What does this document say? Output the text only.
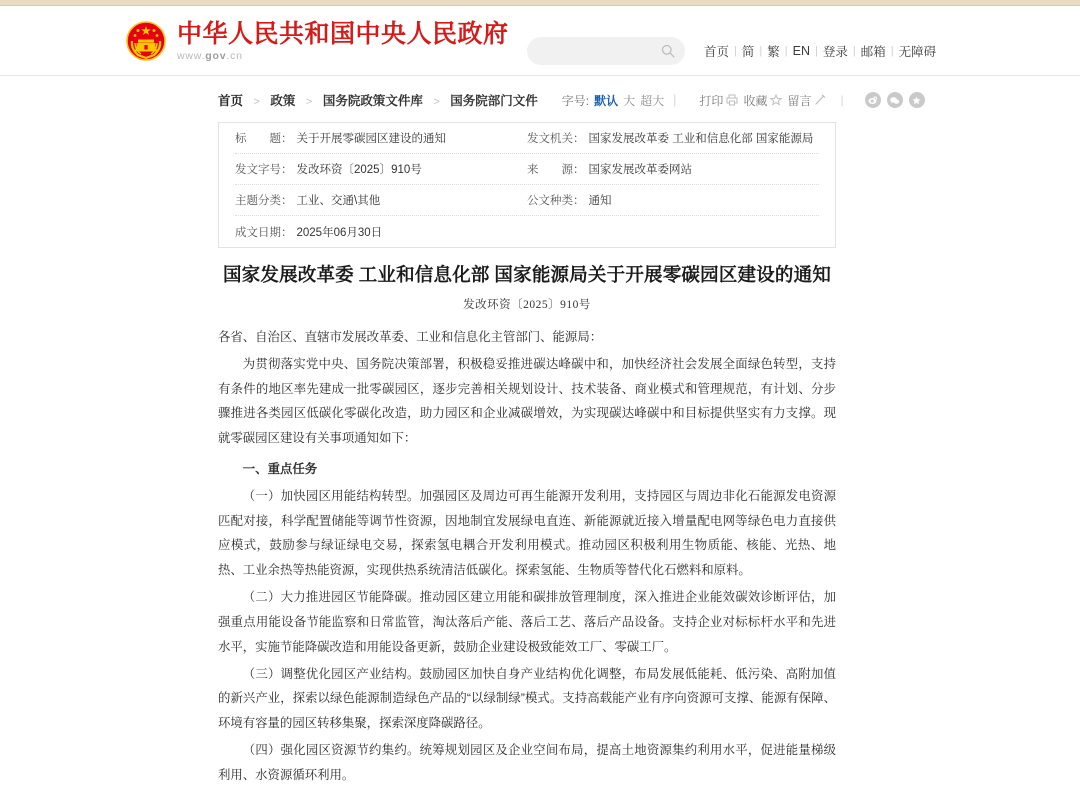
中华人民共和国中央人民政府
www.gov.cn	首页 | 简 | 繁 | EN | 登录 | 邮箱 | 无障碍
首页 > 政策 > 国务院政策文件库 > 国务院部门文件 字号: 默认 大 超大 | 打印 收藏 留言 |
标　　题： 关于开展零碳园区建设的通知	发文机关： 国家发展改革委 工业和信息化部 国家能源局
发文字号： 发改环资〔2025〕910号	来　　源： 国家发展改革委网站
主题分类： 工业、交通\其他	公文种类： 通知
成文日期： 2025年06月30日
国家发展改革委 工业和信息化部 国家能源局关于开展零碳园区建设的通知
发改环资〔2025〕910号

各省、自治区、直辖市发展改革委、工业和信息化主管部门、能源局：

为贯彻落实党中央、国务院决策部署，积极稳妥推进碳达峰碳中和，加快经济社会发展全面绿色转型，支持有条件的地区率先建成一批零碳园区，逐步完善相关规划设计、技术装备、商业模式和管理规范，有计划、分步骤推进各类园区低碳化零碳化改造，助力园区和企业减碳增效，为实现碳达峰碳中和目标提供坚实有力支撑。现就零碳园区建设有关事项通知如下：

一、重点任务

（一）加快园区用能结构转型。加强园区及周边可再生能源开发利用，支持园区与周边非化石能源发电资源匹配对接，科学配置储能等调节性资源，因地制宜发展绿电直连、新能源就近接入增量配电网等绿色电力直接供应模式，鼓励参与绿证绿电交易，探索氢电耦合开发利用模式。推动园区积极利用生物质能、核能、光热、地热、工业余热等热能资源，实现供热系统清洁低碳化。探索氢能、生物质等替代化石燃料和原料。

（二）大力推进园区节能降碳。推动园区建立用能和碳排放管理制度，深入推进企业能效碳效诊断评估，加强重点用能设备节能监察和日常监管，淘汰落后产能、落后工艺、落后产品设备。支持企业对标标杆水平和先进水平，实施节能降碳改造和用能设备更新，鼓励企业建设极致能效工厂、零碳工厂。

（三）调整优化园区产业结构。鼓励园区加快自身产业结构优化调整，布局发展低能耗、低污染、高附加值的新兴产业，探索以绿色能源制造绿色产品的“以绿制绿”模式。支持高载能产业有序向资源可支撑、能源有保障、环境有容量的园区转移集聚，探索深度降碳路径。

（四）强化园区资源节约集约。统筹规划园区及企业空间布局，提高土地资源集约利用水平，促进能量梯级利用、水资源循环利用。
